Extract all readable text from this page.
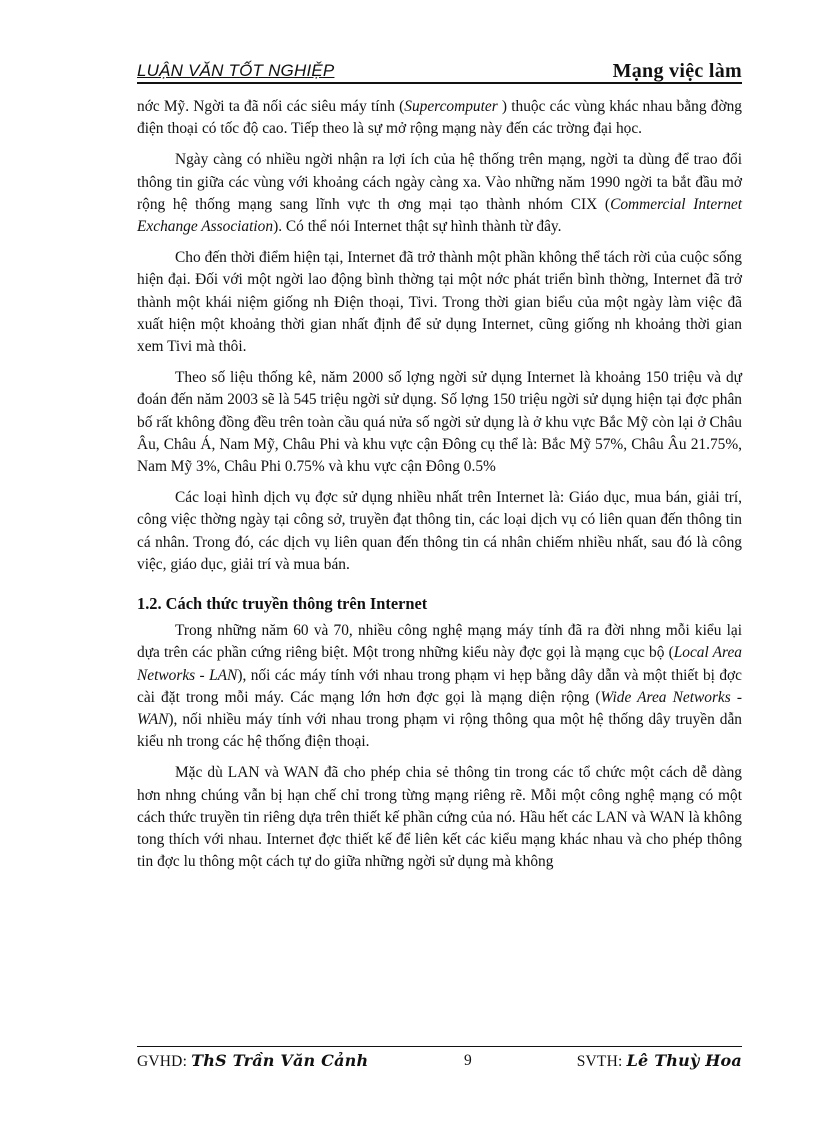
LUẬN VĂN TỐT NGHIỆP	Mạng việc làm

nớc Mỹ. Ngời ta đã nối các siêu máy tính (Supercomputer ) thuộc các vùng khác nhau bằng đờng điện thoại có tốc độ cao. Tiếp theo là sự mở rộng mạng này đến các trờng đại học.

Ngày càng có nhiều ngời nhận ra lợi ích của hệ thống trên mạng, ngời ta dùng để trao đổi thông tin giữa các vùng với khoảng cách ngày càng xa. Vào những năm 1990 ngời ta bắt đầu mở rộng hệ thống mạng sang lĩnh vực th ơng mại tạo thành nhóm CIX (Commercial Internet Exchange Association). Có thể nói Internet thật sự hình thành từ đây.

Cho đến thời điểm hiện tại, Internet đã trở thành một phần không thể tách rời của cuộc sống hiện đại. Đối với một ngời lao động bình thờng tại một nớc phát triển bình thờng, Internet đã trở thành một khái niệm giống nh Điện thoại, Tivi. Trong thời gian biểu của một ngày làm việc đã xuất hiện một khoảng thời gian nhất định để sử dụng Internet, cũng giống nh khoảng thời gian xem Tivi mà thôi.

Theo số liệu thống kê, năm 2000 số lợng ngời sử dụng Internet là khoảng 150 triệu và dự đoán đến năm 2003 sẽ là 545 triệu ngời sử dụng. Số lợng 150 triệu ngời sử dụng hiện tại đợc phân bố rất không đồng đều trên toàn cầu quá nửa số ngời sử dụng là ở khu vực Bắc Mỹ còn lại ở Châu Âu, Châu Á, Nam Mỹ, Châu Phi và khu vực cận Đông cụ thể là: Bắc Mỹ 57%, Châu Âu 21.75%, Nam Mỹ 3%, Châu Phi 0.75% và khu vực cận Đông 0.5%

Các loại hình dịch vụ đợc sử dụng nhiều nhất trên Internet là: Giáo dục, mua bán, giải trí, công việc thờng ngày tại công sở, truyền đạt thông tin, các loại dịch vụ có liên quan đến thông tin cá nhân. Trong đó, các dịch vụ liên quan đến thông tin cá nhân chiếm nhiều nhất, sau đó là công việc, giáo dục, giải trí và mua bán.

1.2. Cách thức truyền thông trên Internet

Trong những năm 60 và 70, nhiều công nghệ mạng máy tính đã ra đời nhng mỗi kiểu lại dựa trên các phần cứng riêng biệt. Một trong những kiểu này đợc gọi là mạng cục bộ (Local Area Networks - LAN), nối các máy tính với nhau trong phạm vi hẹp bằng dây dẫn và một thiết bị đợc cài đặt trong mỗi máy. Các mạng lớn hơn đợc gọi là mạng diện rộng (Wide Area Networks - WAN), nối nhiều máy tính với nhau trong phạm vi rộng thông qua một hệ thống dây truyền dẫn kiểu nh trong các hệ thống điện thoại.

Mặc dù LAN và WAN đã cho phép chia sẻ thông tin trong các tổ chức một cách dễ dàng hơn nhng chúng vẫn bị hạn chế chỉ trong từng mạng riêng rẽ. Mỗi một công nghệ mạng có một cách thức truyền tin riêng dựa trên thiết kế phần cứng của nó. Hầu hết các LAN và WAN là không tong thích với nhau. Internet đợc thiết kế để liên kết các kiểu mạng khác nhau và cho phép thông tin đợc lu thông một cách tự do giữa những ngời sử dụng mà không

GVHD: ThS Trần Văn Cảnh	9	SVTH: Lê Thuỳ Hoa
